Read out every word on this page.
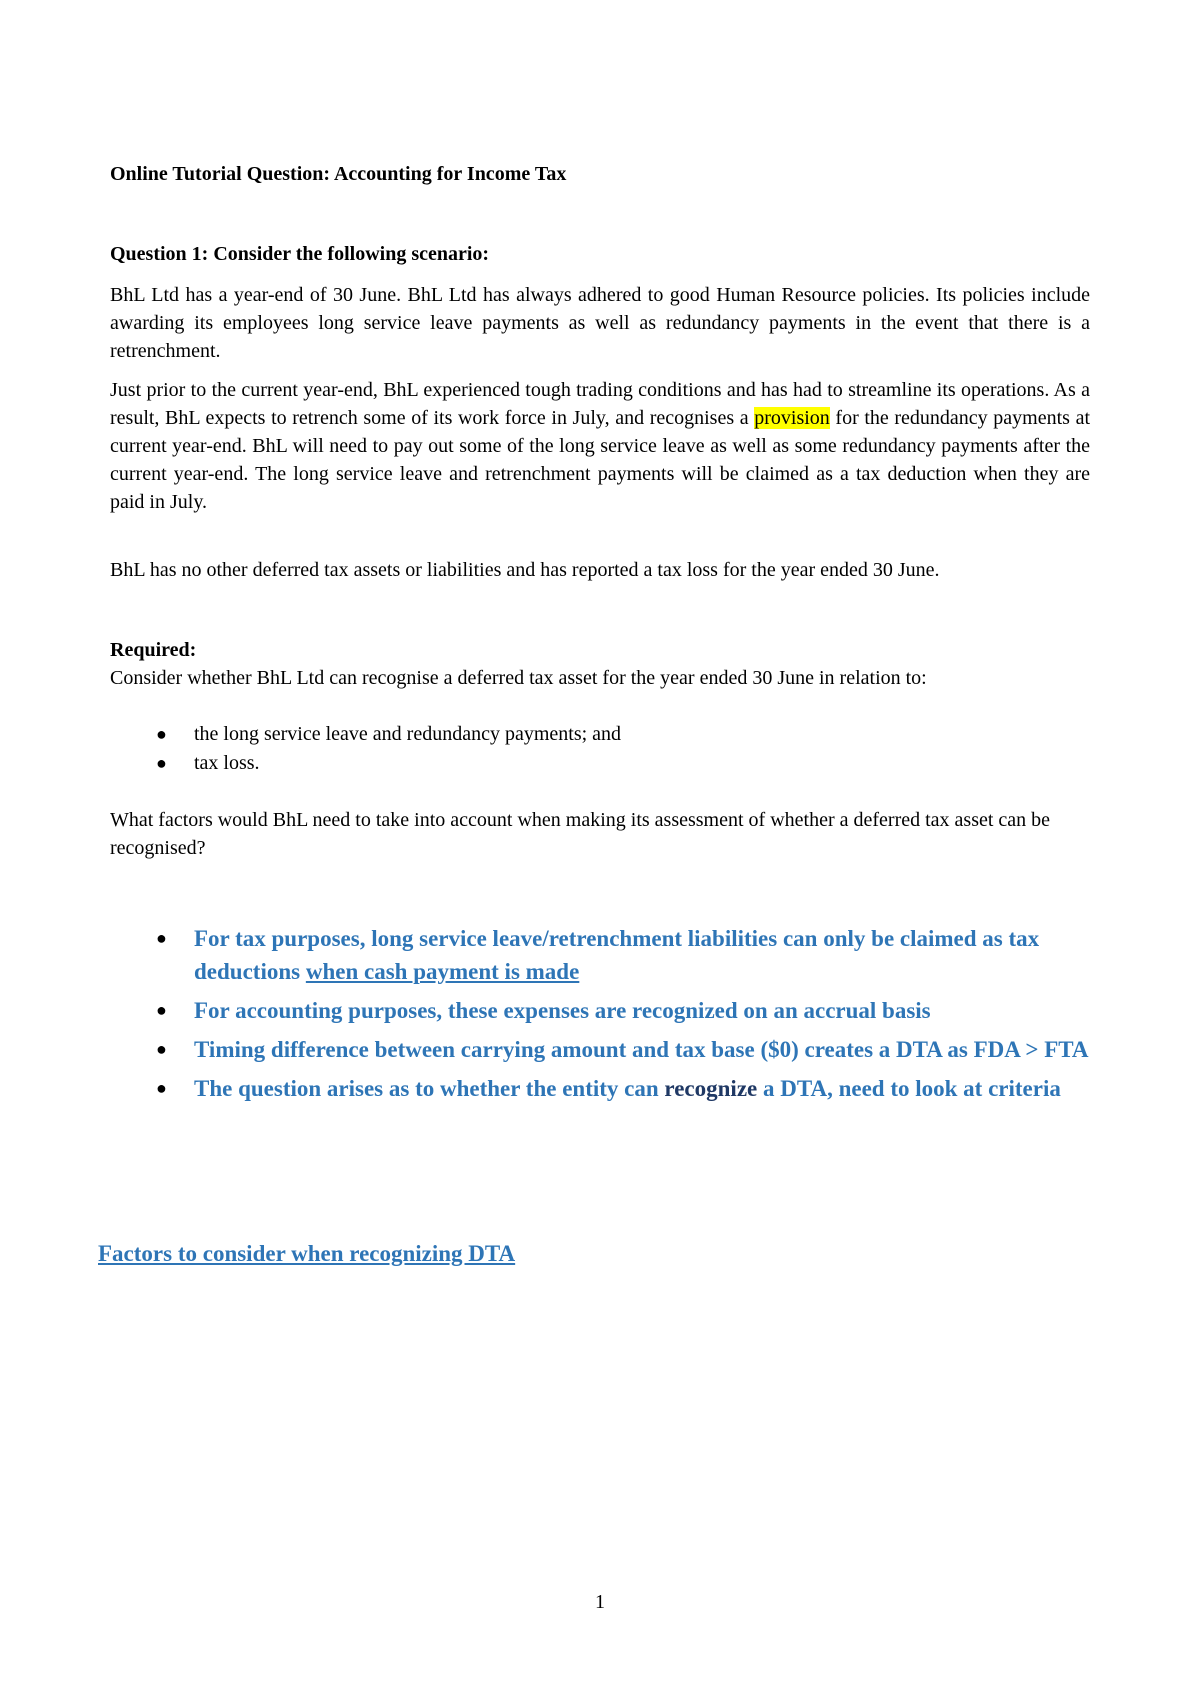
Online Tutorial Question: Accounting for Income Tax

Question 1: Consider the following scenario:

BhL Ltd has a year-end of 30 June. BhL Ltd has always adhered to good Human Resource policies. Its policies include awarding its employees long service leave payments as well as redundancy payments in the event that there is a retrenchment.

Just prior to the current year-end, BhL experienced tough trading conditions and has had to streamline its operations. As a result, BhL expects to retrench some of its work force in July, and recognises a provision for the redundancy payments at current year-end. BhL will need to pay out some of the long service leave as well as some redundancy payments after the current year-end. The long service leave and retrenchment payments will be claimed as a tax deduction when they are paid in July.

BhL has no other deferred tax assets or liabilities and has reported a tax loss for the year ended 30 June.

Required:

Consider whether BhL Ltd can recognise a deferred tax asset for the year ended 30 June in relation to:

● the long service leave and redundancy payments; and
● tax loss.

What factors would BhL need to take into account when making its assessment of whether a deferred tax asset can be recognised?

● For tax purposes, long service leave/retrenchment liabilities can only be claimed as tax deductions when cash payment is made
● For accounting purposes, these expenses are recognized on an accrual basis
● Timing difference between carrying amount and tax base ($0) creates a DTA as FDA > FTA
● The question arises as to whether the entity can recognize a DTA, need to look at criteria

Factors to consider when recognizing DTA

1
